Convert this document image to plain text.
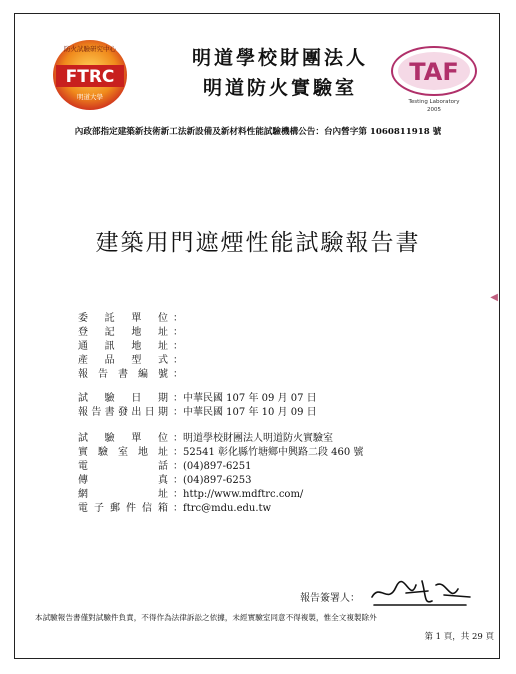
FTRC
防火試驗研究中心
明道大學
明道學校財團法人
明道防火實驗室
TAF
Testing Laboratory
2005
內政部指定建築新技術新工法新設備及新材料性能試驗機構公告：台內營字第 1060811918 號
建築用門遮煙性能試驗報告書
委 託 單 位 ：
登 記 地 址 ：
通 訊 地 址 ：
產 品 型 式 ：
報 告 書 編 號 ：
試 驗 日 期 ： 中華民國 107 年 09 月 07 日
報 告 書 發 出 日 期 ： 中華民國 107 年 10 月 09 日
試 驗 單 位 ： 明道學校財團法人明道防火實驗室
實 驗 室 地 址 ： 52541 彰化縣竹塘鄉中興路二段 460 號
電	話 ： (04)897-6251
傳	真 ： (04)897-6253
網	址 ： http://www.mdftrc.com/
電 子 郵 件 信 箱 ： ftrc@mdu.edu.tw
報告簽署人：
本試驗報告書僅對試驗件負責，不得作為法律訴訟之依據，未經實驗室同意不得複製，惟全文複製除外
第 1 頁，共 29 頁
◀
